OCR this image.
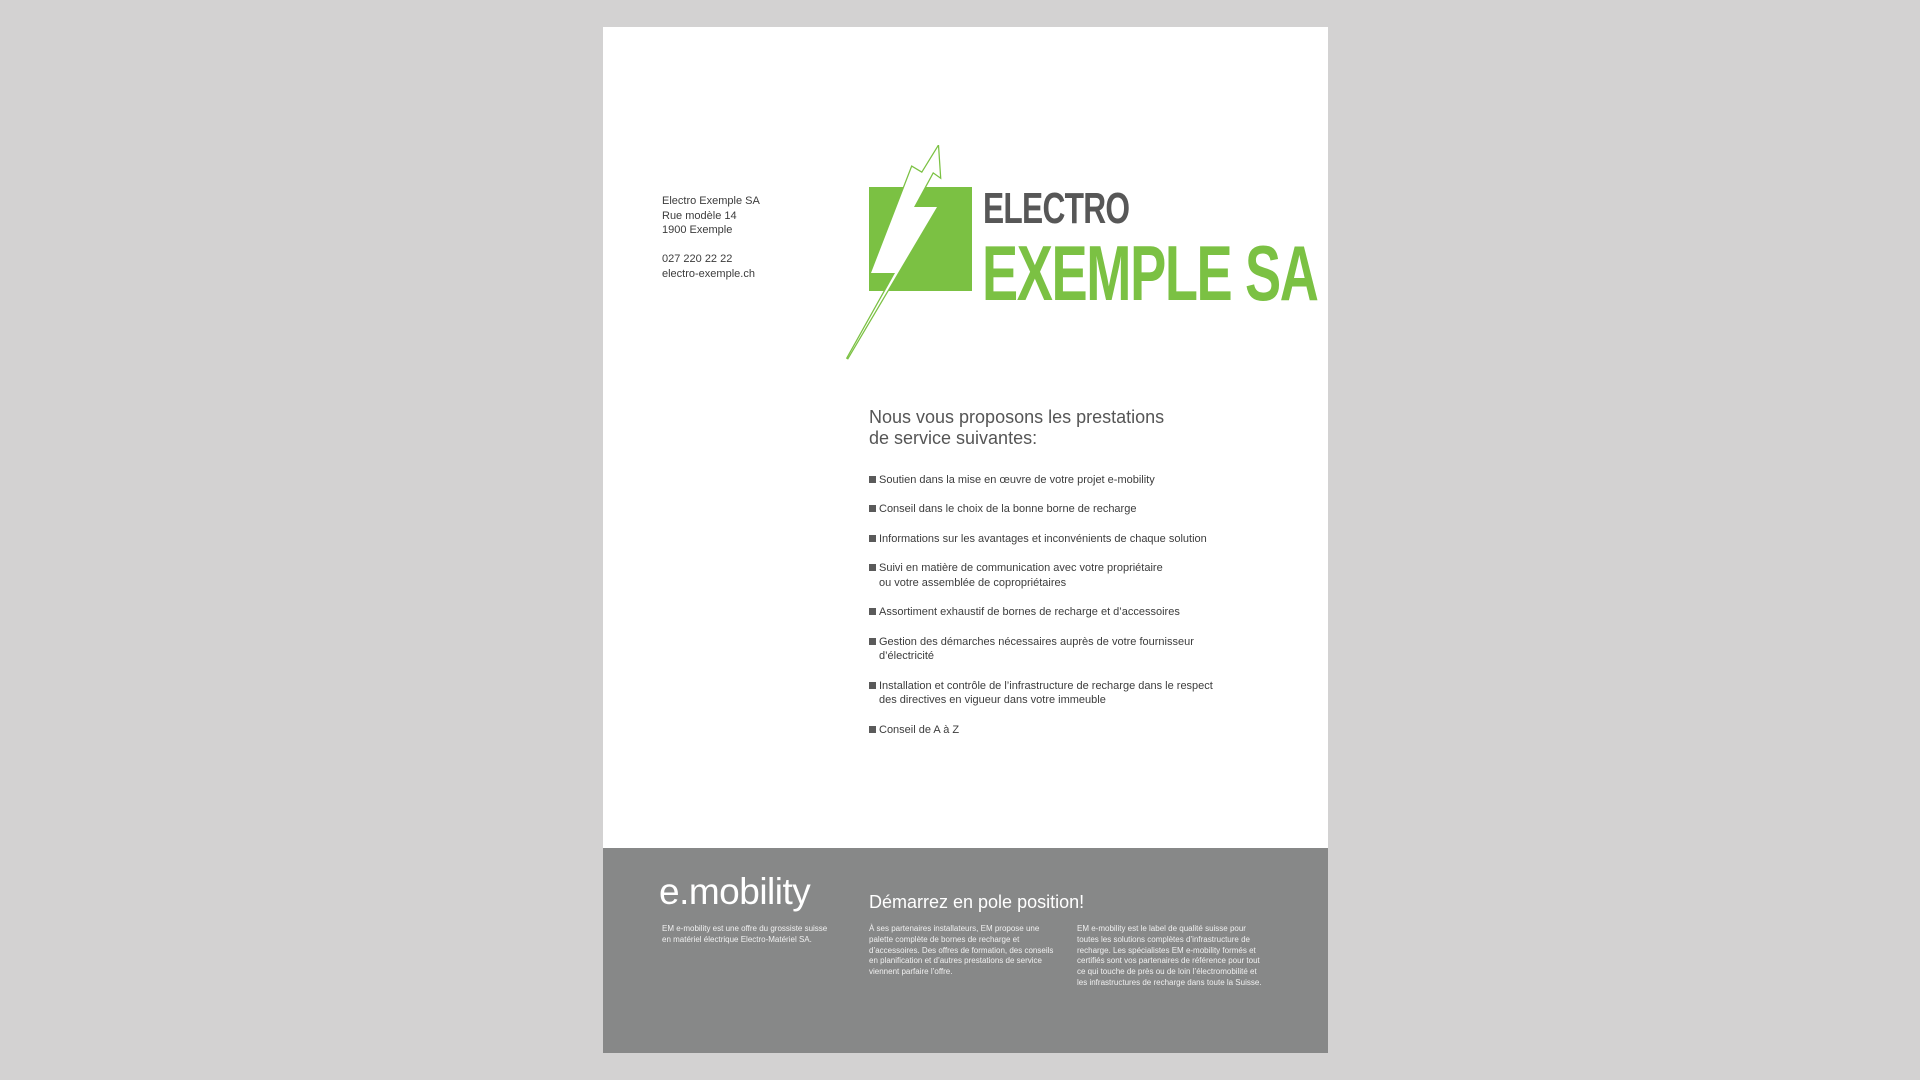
Electro Exemple SA
Rue modèle 14
1900 Exemple
027 220 22 22
electro-exemple.ch
ELECTRO
EXEMPLE SA
Nous vous proposons les prestations
de service suivantes:
Soutien dans la mise en œuvre de votre projet e-mobility
Conseil dans le choix de la bonne borne de recharge
Informations sur les avantages et inconvénients de chaque solution
Suivi en matière de communication avec votre propriétaire
ou votre assemblée de copropriétaires
Assortiment exhaustif de bornes de recharge et d’accessoires
Gestion des démarches nécessaires auprès de votre fournisseur
d’électricité
Installation et contrôle de l’infrastructure de recharge dans le respect
des directives en vigueur dans votre immeuble
Conseil de A à Z
e.mobility
EM e-mobility est une offre du grossiste suisse en matériel électrique Electro-Matériel SA.
Démarrez en pole position!
À ses partenaires installateurs, EM propose une palette complète de bornes de recharge et d’accessoires. Des offres de formation, des conseils en planification et d’autres prestations de service viennent parfaire l’offre.
EM e-mobility est le label de qualité suisse pour toutes les solutions complètes d’infrastructure de recharge. Les spécialistes EM e-mobility formés et certifiés sont vos partenaires de référence pour tout ce qui touche de près ou de loin l’électromobilité et les infrastructures de recharge dans toute la Suisse.
